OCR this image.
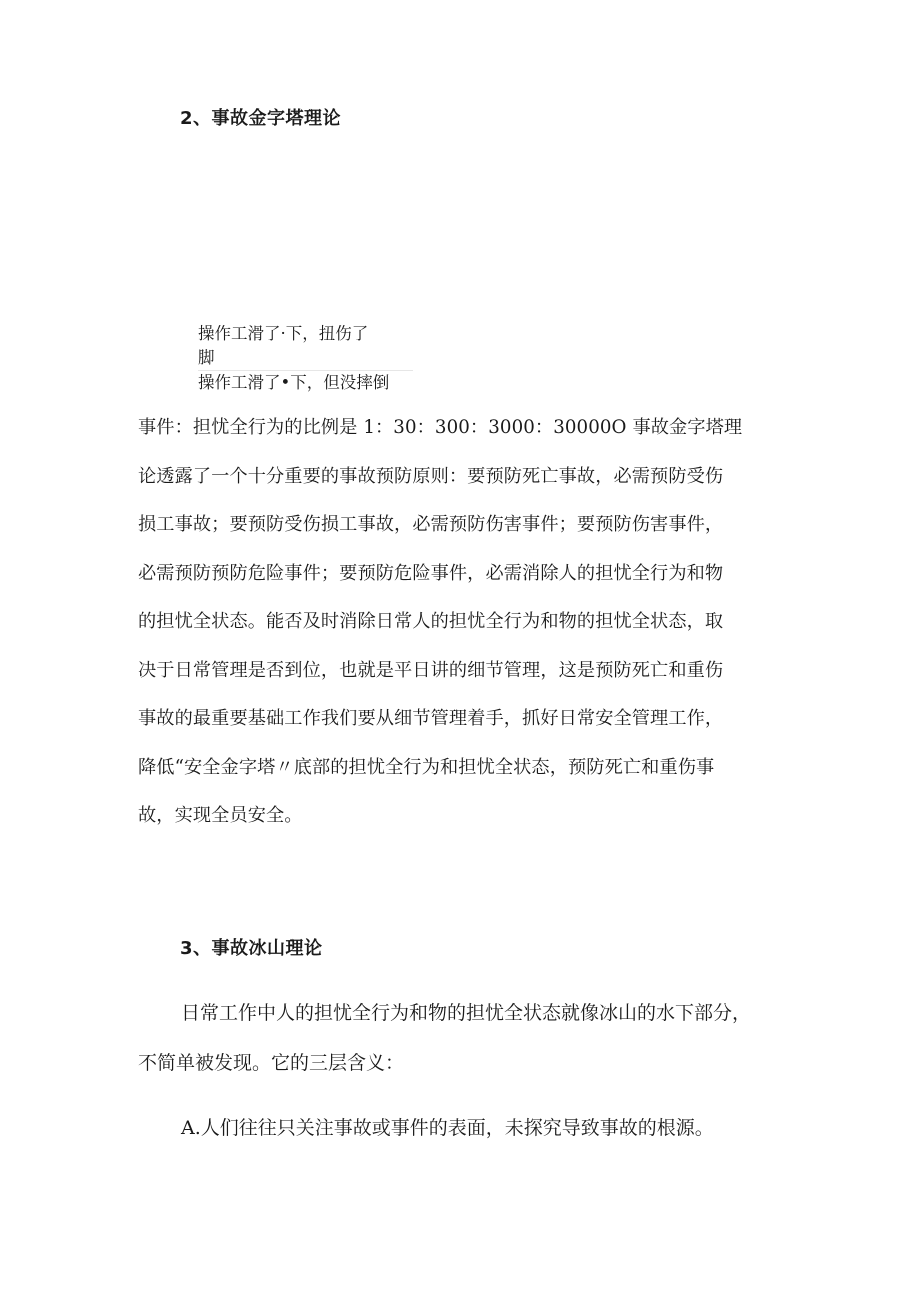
2、事故金字塔理论
操作工滑了·下，扭伤了
脚
操作工滑了•下，但没摔倒

事件：担忧全行为的比例是 1：30：300：3000：30000O 事故金字塔理
论透露了一个十分重要的事故预防原则：要预防死亡事故，必需预防受伤
损工事故；要预防受伤损工事故，必需预防伤害事件；要预防伤害事件，
必需预防预防危险事件；要预防危险事件，必需消除人的担忧全行为和物
的担忧全状态。能否及时消除日常人的担忧全行为和物的担忧全状态，取
决于日常管理是否到位，也就是平日讲的细节管理，这是预防死亡和重伤
事故的最重要基础工作我们要从细节管理着手，抓好日常安全管理工作，
降低“安全金字塔〃底部的担忧全行为和担忧全状态，预防死亡和重伤事
故，实现全员安全。

3、事故冰山理论

日常工作中人的担忧全行为和物的担忧全状态就像冰山的水下部分，
不简单被发现。它的三层含义：

A.人们往往只关注事故或事件的表面，未探究导致事故的根源。
